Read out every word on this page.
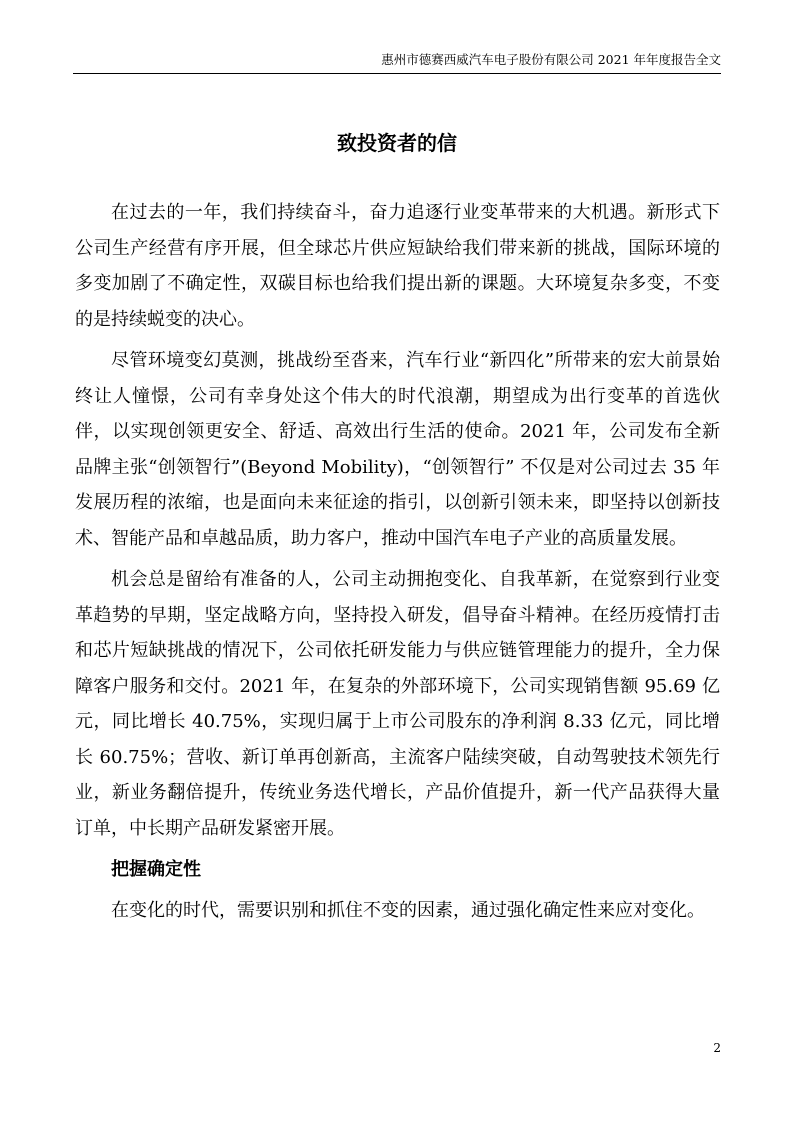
惠州市德赛西威汽车电子股份有限公司 2021 年年度报告全文
致投资者的信

在过去的一年，我们持续奋斗，奋力追逐行业变革带来的大机遇。新形式下公司生产经营有序开展，但全球芯片供应短缺给我们带来新的挑战，国际环境的多变加剧了不确定性，双碳目标也给我们提出新的课题。大环境复杂多变，不变的是持续蜕变的决心。

尽管环境变幻莫测，挑战纷至沓来，汽车行业“新四化”所带来的宏大前景始终让人憧憬，公司有幸身处这个伟大的时代浪潮，期望成为出行变革的首选伙伴，以实现创领更安全、舒适、高效出行生活的使命。2021 年，公司发布全新品牌主张“创领智行”(Beyond Mobility)，“创领智行” 不仅是对公司过去 35 年发展历程的浓缩，也是面向未来征途的指引，以创新引领未来，即坚持以创新技术、智能产品和卓越品质，助力客户，推动中国汽车电子产业的高质量发展。

机会总是留给有准备的人，公司主动拥抱变化、自我革新，在觉察到行业变革趋势的早期，坚定战略方向，坚持投入研发，倡导奋斗精神。在经历疫情打击和芯片短缺挑战的情况下，公司依托研发能力与供应链管理能力的提升，全力保障客户服务和交付。2021 年，在复杂的外部环境下，公司实现销售额 95.69 亿元，同比增长 40.75%，实现归属于上市公司股东的净利润 8.33 亿元，同比增长 60.75%；营收、新订单再创新高，主流客户陆续突破，自动驾驶技术领先行业，新业务翻倍提升，传统业务迭代增长，产品价值提升，新一代产品获得大量订单，中长期产品研发紧密开展。

把握确定性

在变化的时代，需要识别和抓住不变的因素，通过强化确定性来应对变化。

2
